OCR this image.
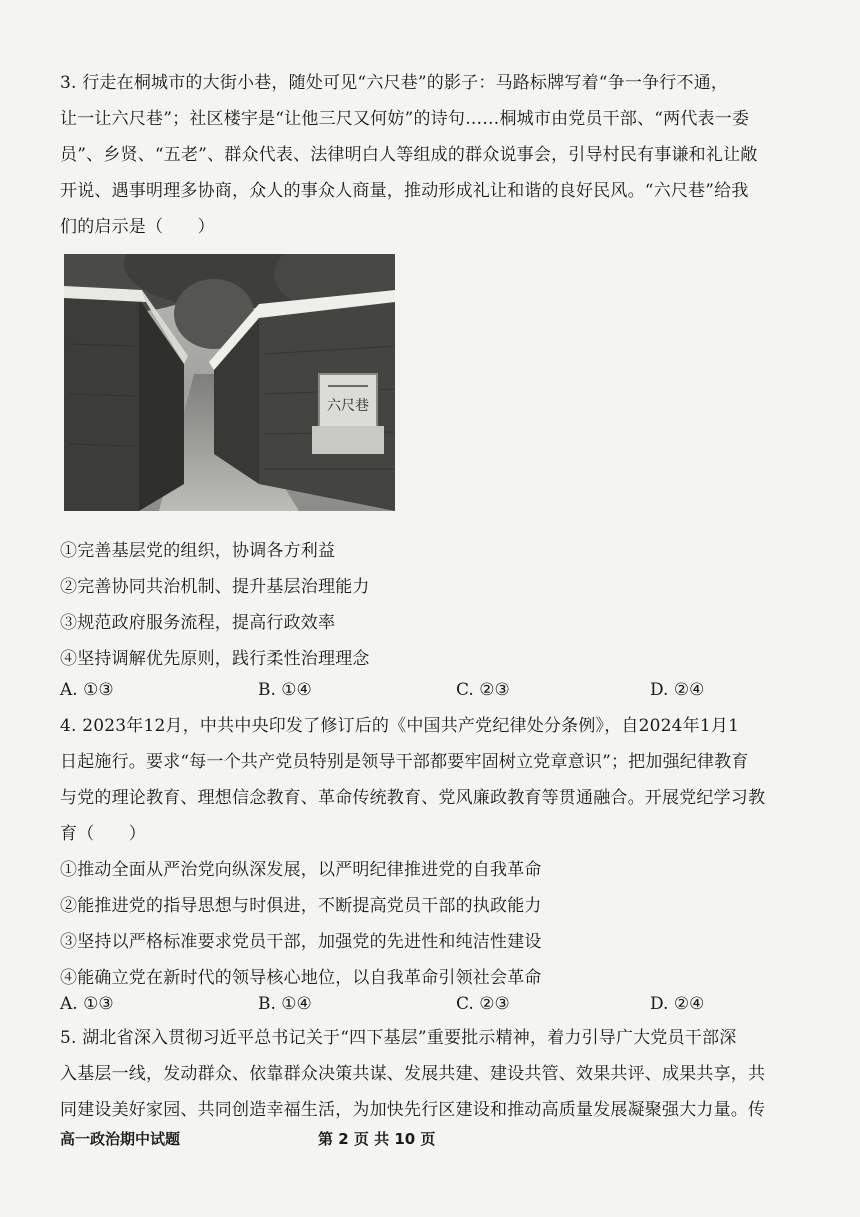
3. 行走在桐城市的大街小巷，随处可见“六尺巷”的影子：马路标牌写着“争一争行不通，
让一让六尺巷”；社区楼宇是“让他三尺又何妨”的诗句……桐城市由党员干部、“两代表一委
员”、乡贤、“五老”、群众代表、法律明白人等组成的群众说事会，引导村民有事谦和礼让敞
开说、遇事明理多协商，众人的事众人商量，推动形成礼让和谐的良好民风。“六尺巷”给我
们的启示是（　　）
六尺巷
①完善基层党的组织，协调各方利益
②完善协同共治机制、提升基层治理能力
③规范政府服务流程，提高行政效率
④坚持调解优先原则，践行柔性治理理念
A. ①③	B. ①④	C. ②③	D. ②④
4. 2023年12月，中共中央印发了修订后的《中国共产党纪律处分条例》，自2024年1月1
日起施行。要求“每一个共产党员特别是领导干部都要牢固树立党章意识”；把加强纪律教育
与党的理论教育、理想信念教育、革命传统教育、党风廉政教育等贯通融合。开展党纪学习教
育（　　）
①推动全面从严治党向纵深发展，以严明纪律推进党的自我革命
②能推进党的指导思想与时俱进，不断提高党员干部的执政能力
③坚持以严格标准要求党员干部，加强党的先进性和纯洁性建设
④能确立党在新时代的领导核心地位，以自我革命引领社会革命
A. ①③	B. ①④	C. ②③	D. ②④
5. 湖北省深入贯彻习近平总书记关于“四下基层”重要批示精神，着力引导广大党员干部深
入基层一线，发动群众、依靠群众决策共谋、发展共建、建设共管、效果共评、成果共享，共
同建设美好家园、共同创造幸福生活，为加快先行区建设和推动高质量发展凝聚强大力量。传
高一政治期中试题	第 2 页 共 10 页
